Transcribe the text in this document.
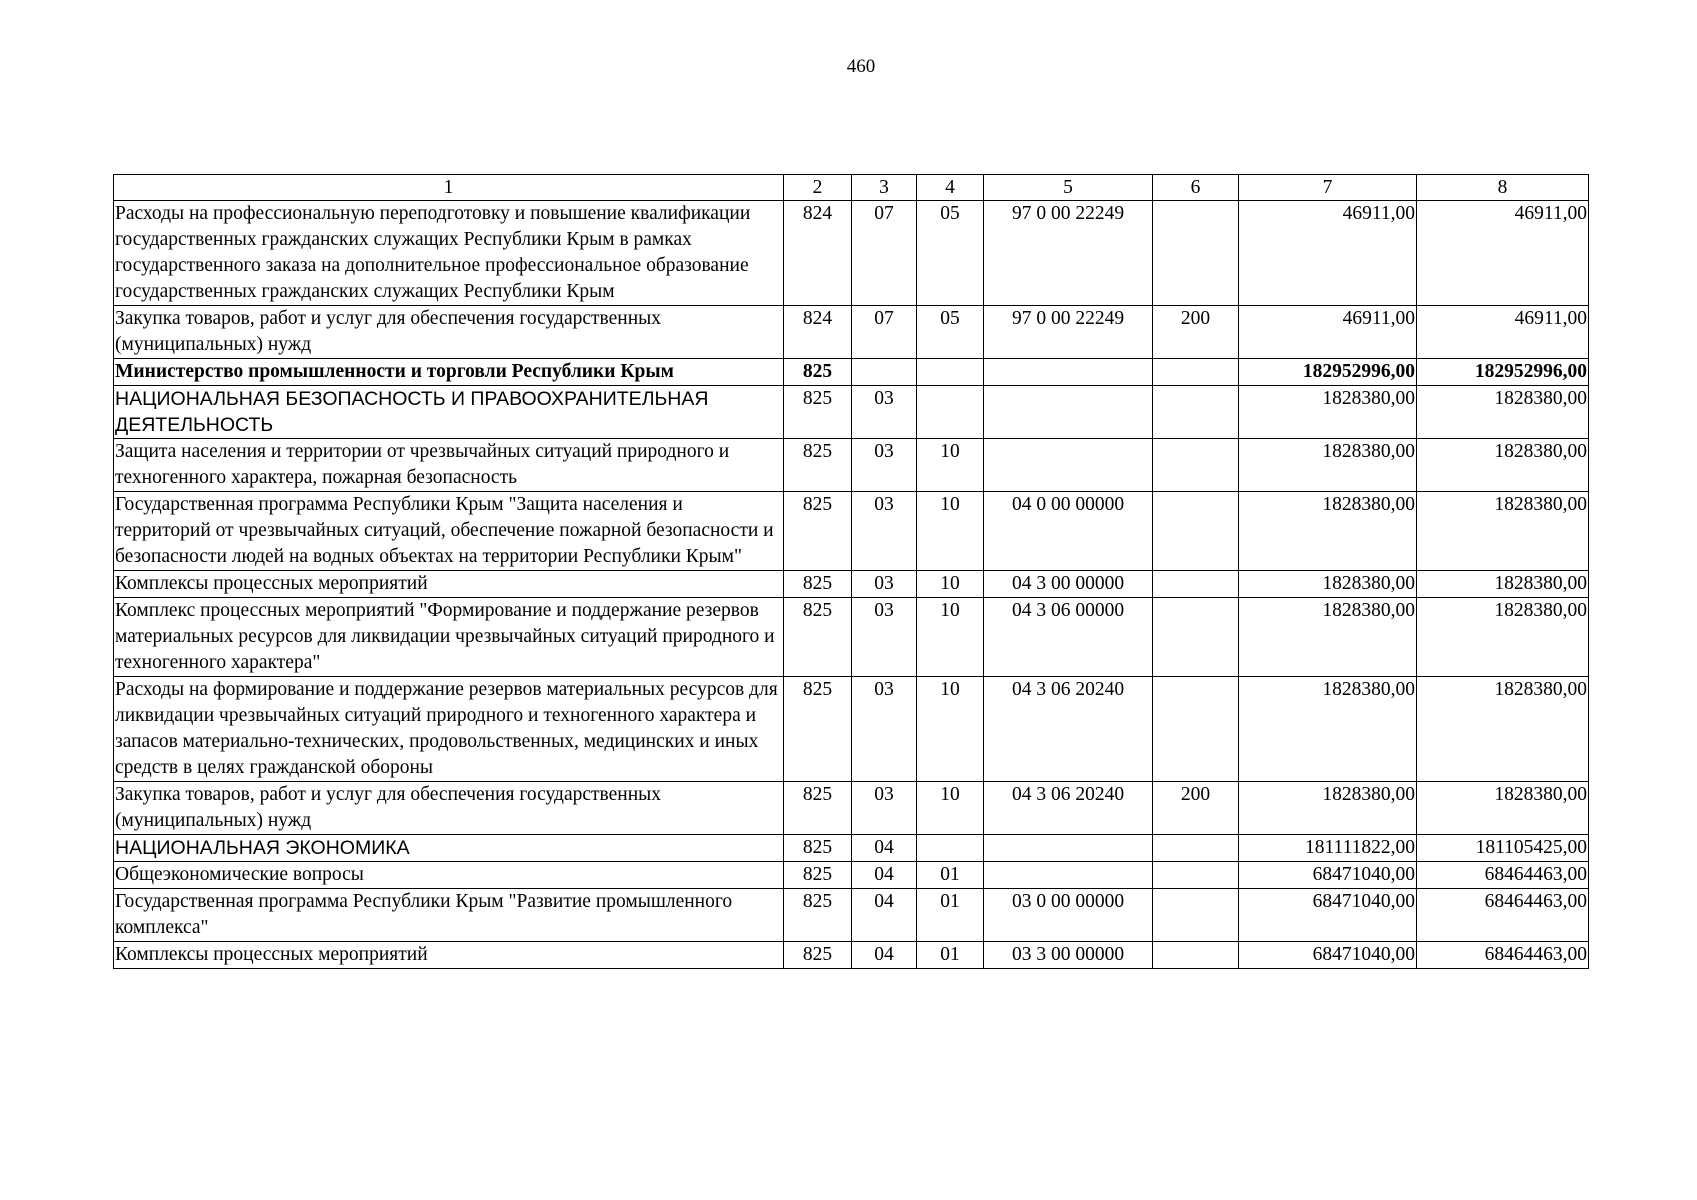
460
1	2	3	4	5	6	7	8
Расходы на профессиональную переподготовку и повышение квалификации государственных гражданских служащих Республики Крым в рамках государственного заказа на дополнительное профессиональное образование государственных гражданских служащих Республики Крым	824	07	05	97 0 00 22249		46911,00	46911,00
Закупка товаров, работ и услуг для обеспечения государственных (муниципальных) нужд	824	07	05	97 0 00 22249	200	46911,00	46911,00
Министерство промышленности и торговли Республики Крым	825					182952996,00	182952996,00
НАЦИОНАЛЬНАЯ БЕЗОПАСНОСТЬ И ПРАВООХРАНИТЕЛЬНАЯ ДЕЯТЕЛЬНОСТЬ	825	03				1828380,00	1828380,00
Защита населения и территории от чрезвычайных ситуаций природного и техногенного характера, пожарная безопасность	825	03	10			1828380,00	1828380,00
Государственная программа Республики Крым "Защита населения и территорий от чрезвычайных ситуаций, обеспечение пожарной безопасности и безопасности людей на водных объектах на территории Республики Крым"	825	03	10	04 0 00 00000		1828380,00	1828380,00
Комплексы процессных мероприятий	825	03	10	04 3 00 00000		1828380,00	1828380,00
Комплекс процессных мероприятий "Формирование и поддержание резервов материальных ресурсов для ликвидации чрезвычайных ситуаций природного и техногенного характера"	825	03	10	04 3 06 00000		1828380,00	1828380,00
Расходы на формирование и поддержание резервов материальных ресурсов для ликвидации чрезвычайных ситуаций природного и техногенного характера и запасов материально-технических, продовольственных, медицинских и иных средств в целях гражданской обороны	825	03	10	04 3 06 20240		1828380,00	1828380,00
Закупка товаров, работ и услуг для обеспечения государственных (муниципальных) нужд	825	03	10	04 3 06 20240	200	1828380,00	1828380,00
НАЦИОНАЛЬНАЯ ЭКОНОМИКА	825	04				181111822,00	181105425,00
Общеэкономические вопросы	825	04	01			68471040,00	68464463,00
Государственная программа Республики Крым "Развитие промышленного комплекса"	825	04	01	03 0 00 00000		68471040,00	68464463,00
Комплексы процессных мероприятий	825	04	01	03 3 00 00000		68471040,00	68464463,00
